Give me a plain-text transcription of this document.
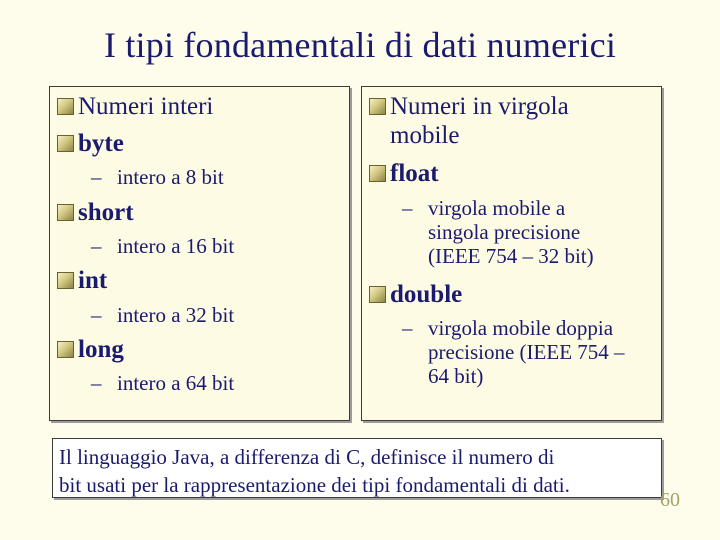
I tipi fondamentali di dati numerici
Numeri interi
byte
– intero a 8 bit
short
– intero a 16 bit
int
– intero a 32 bit
long
– intero a 64 bit
Numeri in virgola
mobile
float
– virgola mobile a
singola precisione
(IEEE 754 – 32 bit)
double
– virgola mobile doppia
precisione (IEEE 754 –
64 bit)
Il linguaggio Java, a differenza di C, definisce il numero di
bit usati per la rappresentazione dei tipi fondamentali di dati.
60
